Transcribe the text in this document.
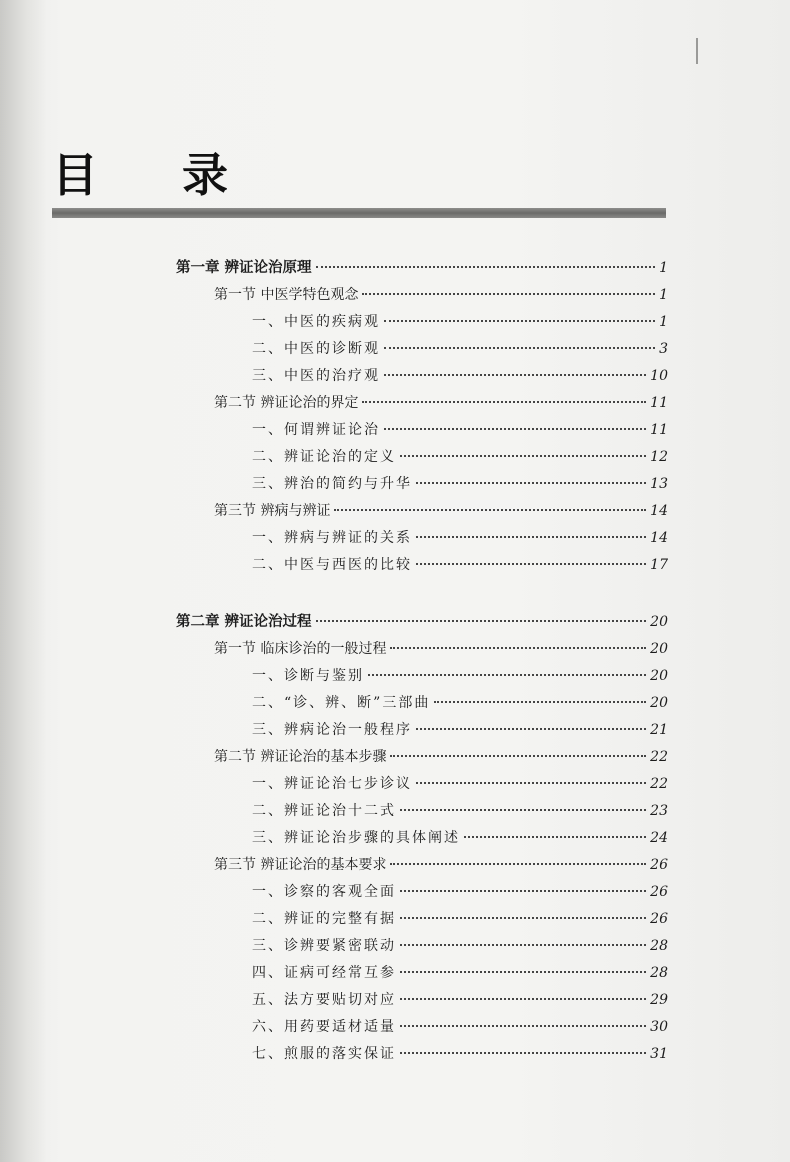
目 录
第一章 辨证论治原理	1
第一节 中医学特色观念	1
一、中医的疾病观	1
二、中医的诊断观	3
三、中医的治疗观	10
第二节 辨证论治的界定	11
一、何谓辨证论治	11
二、辨证论治的定义	12
三、辨治的简约与升华	13
第三节 辨病与辨证	14
一、辨病与辨证的关系	14
二、中医与西医的比较	17
第二章 辨证论治过程	20
第一节 临床诊治的一般过程	20
一、诊断与鉴别	20
二、“诊、辨、断”三部曲	20
三、辨病论治一般程序	21
第二节 辨证论治的基本步骤	22
一、辨证论治七步诊议	22
二、辨证论治十二式	23
三、辨证论治步骤的具体阐述	24
第三节 辨证论治的基本要求	26
一、诊察的客观全面	26
二、辨证的完整有据	26
三、诊辨要紧密联动	28
四、证病可经常互参	28
五、法方要贴切对应	29
六、用药要适材适量	30
七、煎服的落实保证	31
